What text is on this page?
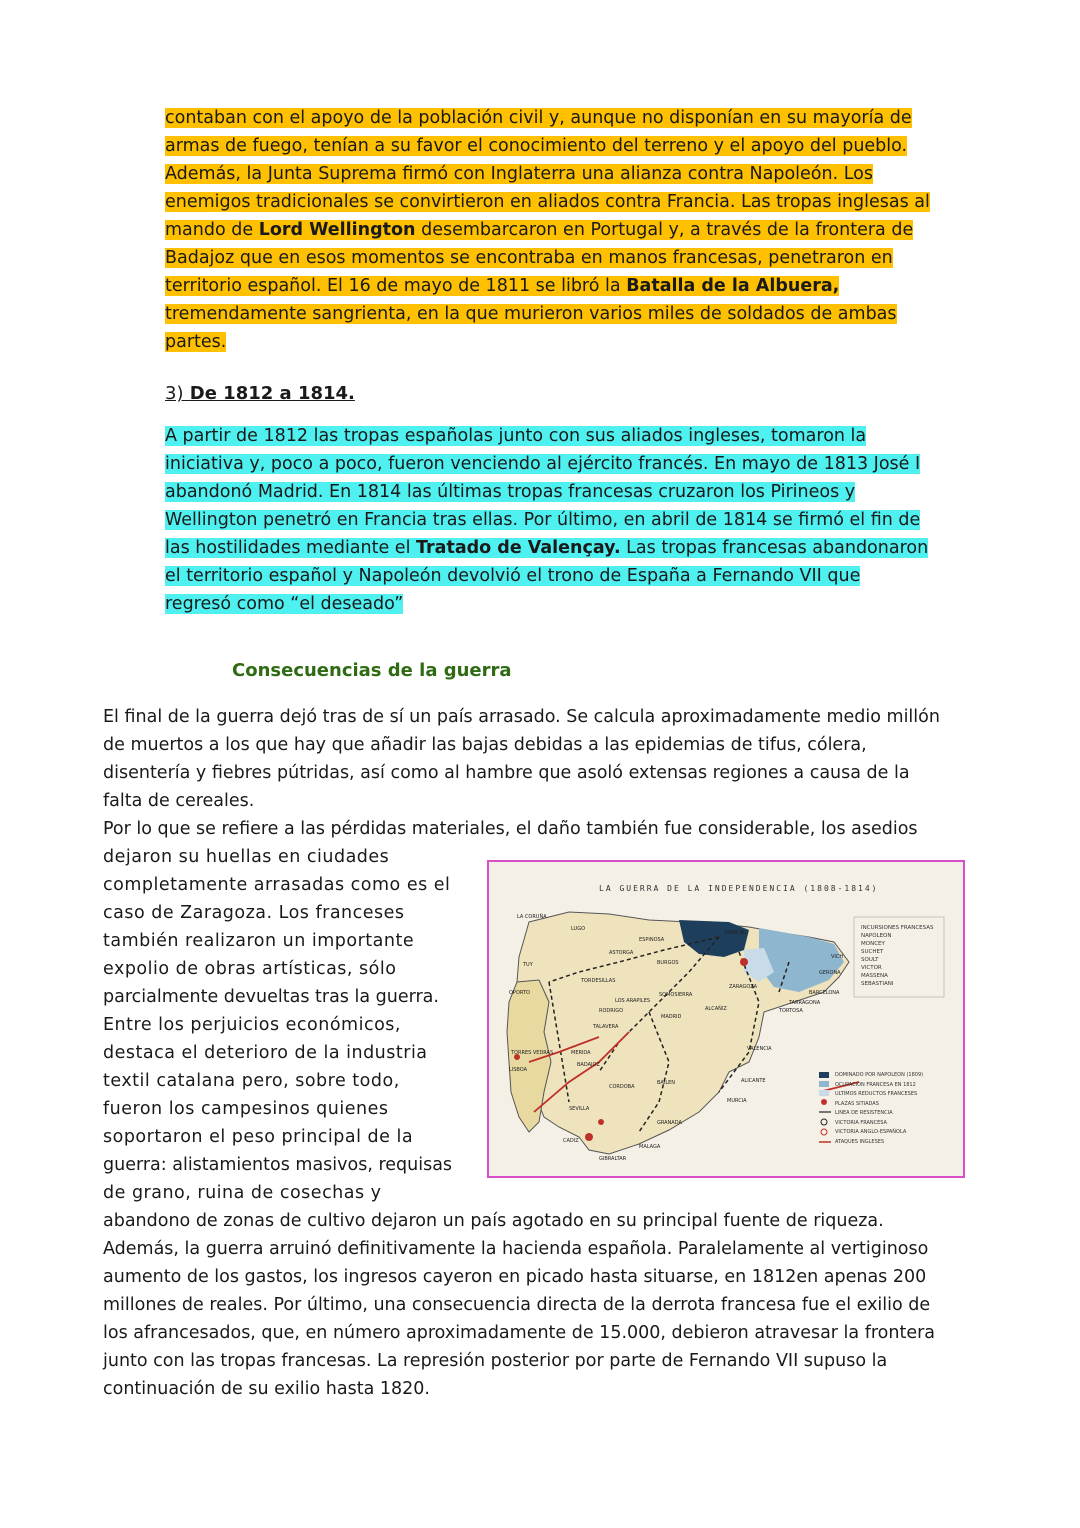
contaban con el apoyo de la población civil y, aunque no disponían en su mayoría de
armas de fuego, tenían a su favor el conocimiento del terreno y el apoyo del pueblo.
Además, la Junta Suprema firmó con Inglaterra una alianza contra Napoleón. Los
enemigos tradicionales se convirtieron en aliados contra Francia. Las tropas inglesas al
mando de Lord Wellington desembarcaron en Portugal y, a través de la frontera de
Badajoz que en esos momentos se encontraba en manos francesas, penetraron en
territorio español. El 16 de mayo de 1811 se libró la Batalla de la Albuera,
tremendamente sangrienta, en la que murieron varios miles de soldados de ambas
partes.
3) De 1812 a 1814.
A partir de 1812 las tropas españolas junto con sus aliados ingleses, tomaron la
iniciativa y, poco a poco, fueron venciendo al ejército francés. En mayo de 1813 José I
abandonó Madrid. En 1814 las últimas tropas francesas cruzaron los Pirineos y
Wellington penetró en Francia tras ellas. Por último, en abril de 1814 se firmó el fin de
las hostilidades mediante el Tratado de Valençay. Las tropas francesas abandonaron
el territorio español y Napoleón devolvió el trono de España a Fernando VII que
regresó como “el deseado”
Consecuencias de la guerra
El final de la guerra dejó tras de sí un país arrasado. Se calcula aproximadamente medio millón
de muertos a los que hay que añadir las bajas debidas a las epidemias de tifus, cólera,
disentería y fiebres pútridas, así como al hambre que asoló extensas regiones a causa de la
falta de cereales.
Por lo que se refiere a las pérdidas materiales, el daño también fue considerable, los asedios
dejaron su huellas en ciudades
completamente arrasadas como es el
caso de Zaragoza. Los franceses
también realizaron un importante
expolio de obras artísticas, sólo
parcialmente devueltas tras la guerra.
Entre los perjuicios económicos,
destaca el deterioro de la industria
textil catalana pero, sobre todo,
fueron los campesinos quienes
soportaron el peso principal de la
guerra: alistamientos masivos, requisas
de grano, ruina de cosechas y
LA GUERRA DE LA INDEPENDENCIA (1808-1814)
INCURSIONES FRANCESAS
NAPOLEON
MONCEY
SUCHET
SOULT
VICTOR
MASSENA
SEBASTIANI
DOMINADO POR NAPOLEON (1809)
OCUPACION FRANCESA EN 1812
ULTIMOS REDUCTOS FRANCESES
PLAZAS SITIADAS
LINEA DE RESISTENCIA
VICTORIA FRANCESA
VICTORIA ANGLO-ESPAÑOLA
ATAQUES INGLESES
LA CORUÑA
LUGO
ESPINOSA
MARCIAL
TUY
ASTORGA
BURGOS
OPORTO
TORDESILLAS
SOMOSIERRA
ZARAGOZA
BARCELONA
GERONA
TARRAGONA
TORTOSA
ALCAÑIZ
MADRID
TALAVERA
RODRIGO
LOS ARAPILES
TORRES VEDRAS
LISBOA
MERIDA
BADAJOZ
VALENCIA
CORDOBA
BAILEN	ALICANTE
MURCIA
SEVILLA
GRANADA
CADIZ
MALAGA
GIBRALTAR
VICH
abandono de zonas de cultivo dejaron un país agotado en su principal fuente de riqueza.
Además, la guerra arruinó definitivamente la hacienda española. Paralelamente al vertiginoso
aumento de los gastos, los ingresos cayeron en picado hasta situarse, en 1812en apenas 200
millones de reales. Por último, una consecuencia directa de la derrota francesa fue el exilio de
los afrancesados, que, en número aproximadamente de 15.000, debieron atravesar la frontera
junto con las tropas francesas. La represión posterior por parte de Fernando VII supuso la
continuación de su exilio hasta 1820.
